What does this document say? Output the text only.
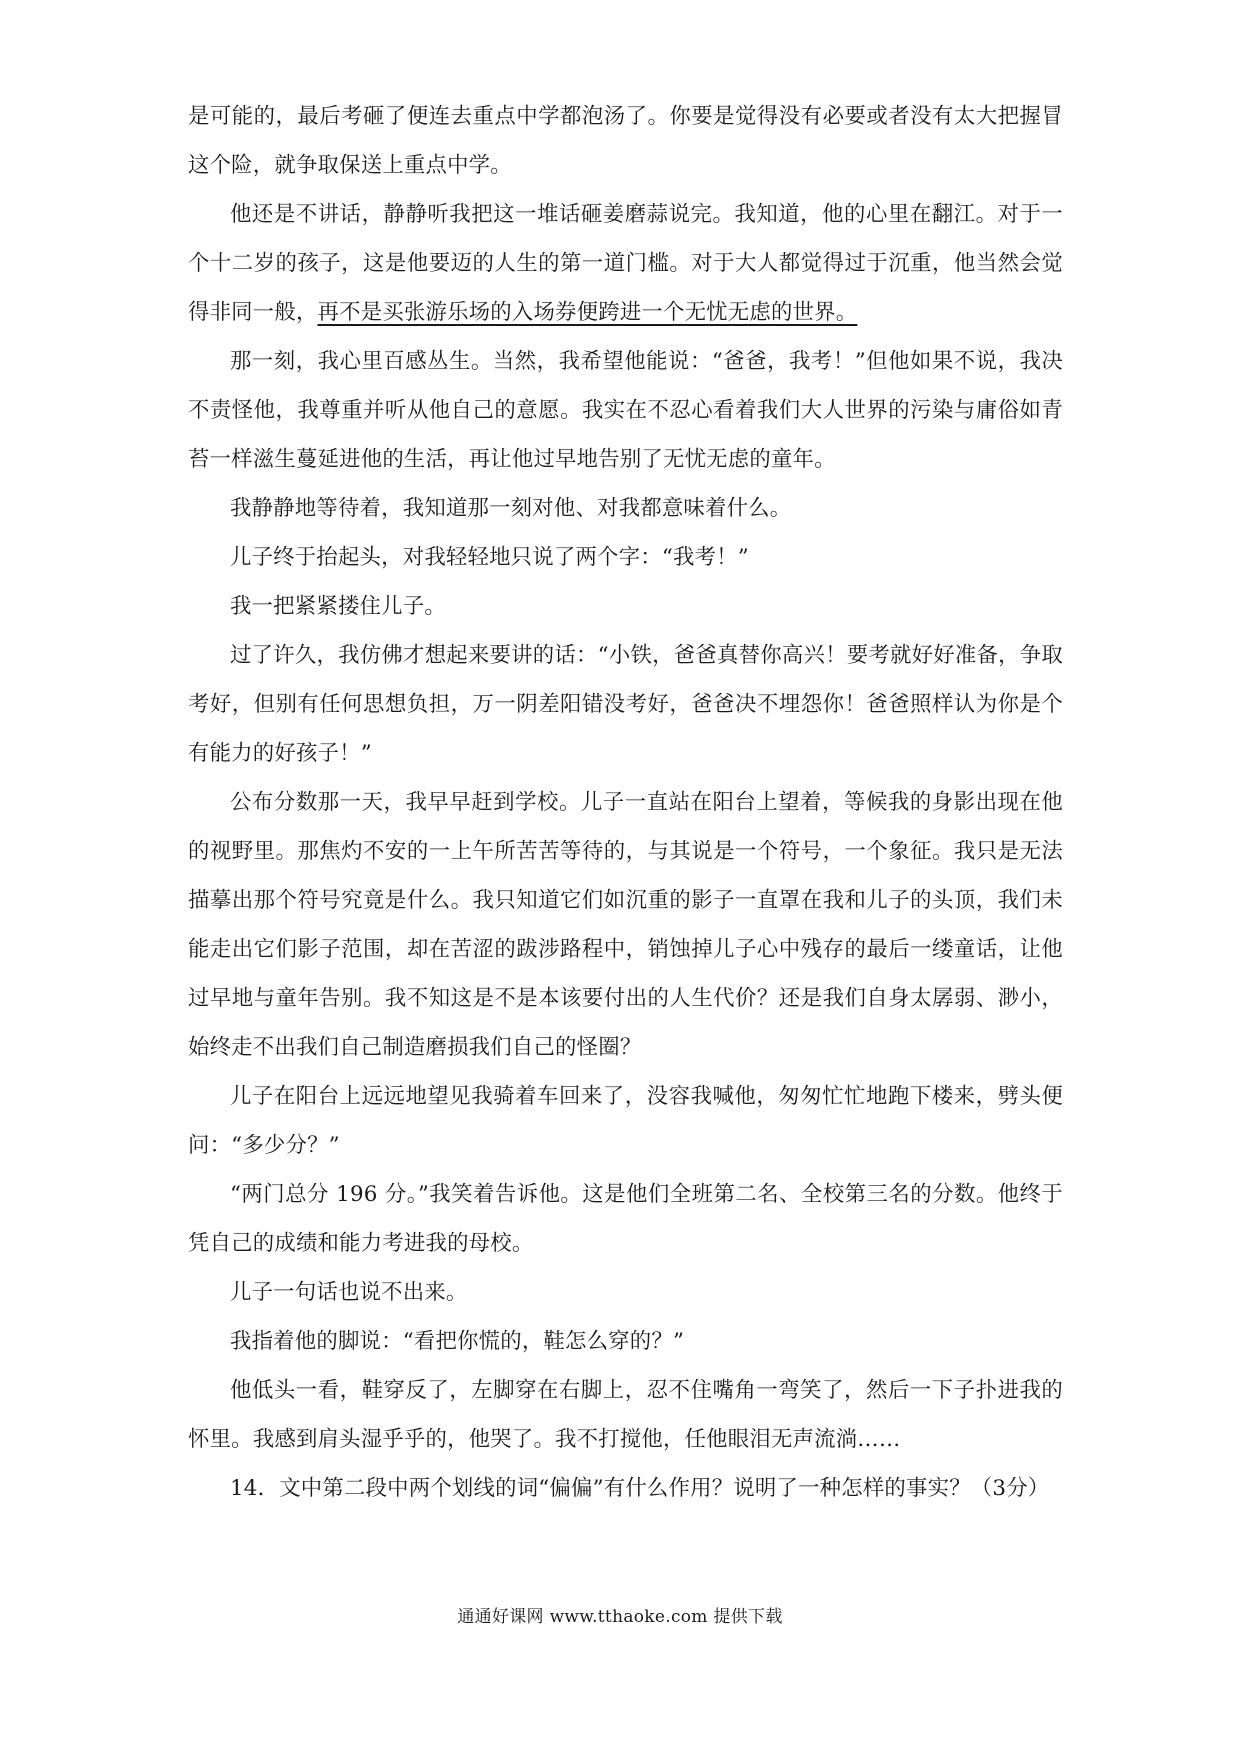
是可能的，最后考砸了便连去重点中学都泡汤了。你要是觉得没有必要或者没有太大把握冒这个险，就争取保送上重点中学。

他还是不讲话，静静听我把这一堆话砸姜磨蒜说完。我知道，他的心里在翻江。对于一个十二岁的孩子，这是他要迈的人生的第一道门槛。对于大人都觉得过于沉重，他当然会觉得非同一般，再不是买张游乐场的入场券便跨进一个无忧无虑的世界。

那一刻，我心里百感丛生。当然，我希望他能说：“爸爸，我考！”但他如果不说，我决不责怪他，我尊重并听从他自己的意愿。我实在不忍心看着我们大人世界的污染与庸俗如青苔一样滋生蔓延进他的生活，再让他过早地告别了无忧无虑的童年。

我静静地等待着，我知道那一刻对他、对我都意味着什么。

儿子终于抬起头，对我轻轻地只说了两个字：“我考！”

我一把紧紧搂住儿子。

过了许久，我仿佛才想起来要讲的话：“小铁，爸爸真替你高兴！要考就好好准备，争取考好，但别有任何思想负担，万一阴差阳错没考好，爸爸决不埋怨你！爸爸照样认为你是个有能力的好孩子！”

公布分数那一天，我早早赶到学校。儿子一直站在阳台上望着，等候我的身影出现在他的视野里。那焦灼不安的一上午所苦苦等待的，与其说是一个符号，一个象征。我只是无法描摹出那个符号究竟是什么。我只知道它们如沉重的影子一直罩在我和儿子的头顶，我们未能走出它们影子范围，却在苦涩的跋涉路程中，销蚀掉儿子心中残存的最后一缕童话，让他过早地与童年告别。我不知这是不是本该要付出的人生代价？还是我们自身太孱弱、渺小，始终走不出我们自己制造磨损我们自己的怪圈？

儿子在阳台上远远地望见我骑着车回来了，没容我喊他，匆匆忙忙地跑下楼来，劈头便问：“多少分？”

“两门总分 196 分。”我笑着告诉他。这是他们全班第二名、全校第三名的分数。他终于凭自己的成绩和能力考进我的母校。

儿子一句话也说不出来。

我指着他的脚说：“看把你慌的，鞋怎么穿的？”

他低头一看，鞋穿反了，左脚穿在右脚上，忍不住嘴角一弯笑了，然后一下子扑进我的怀里。我感到肩头湿乎乎的，他哭了。我不打搅他，任他眼泪无声流淌……

14．文中第二段中两个划线的词“偏偏”有什么作用？说明了一种怎样的事实？（3分）

通通好课网 www.tthaoke.com 提供下载
